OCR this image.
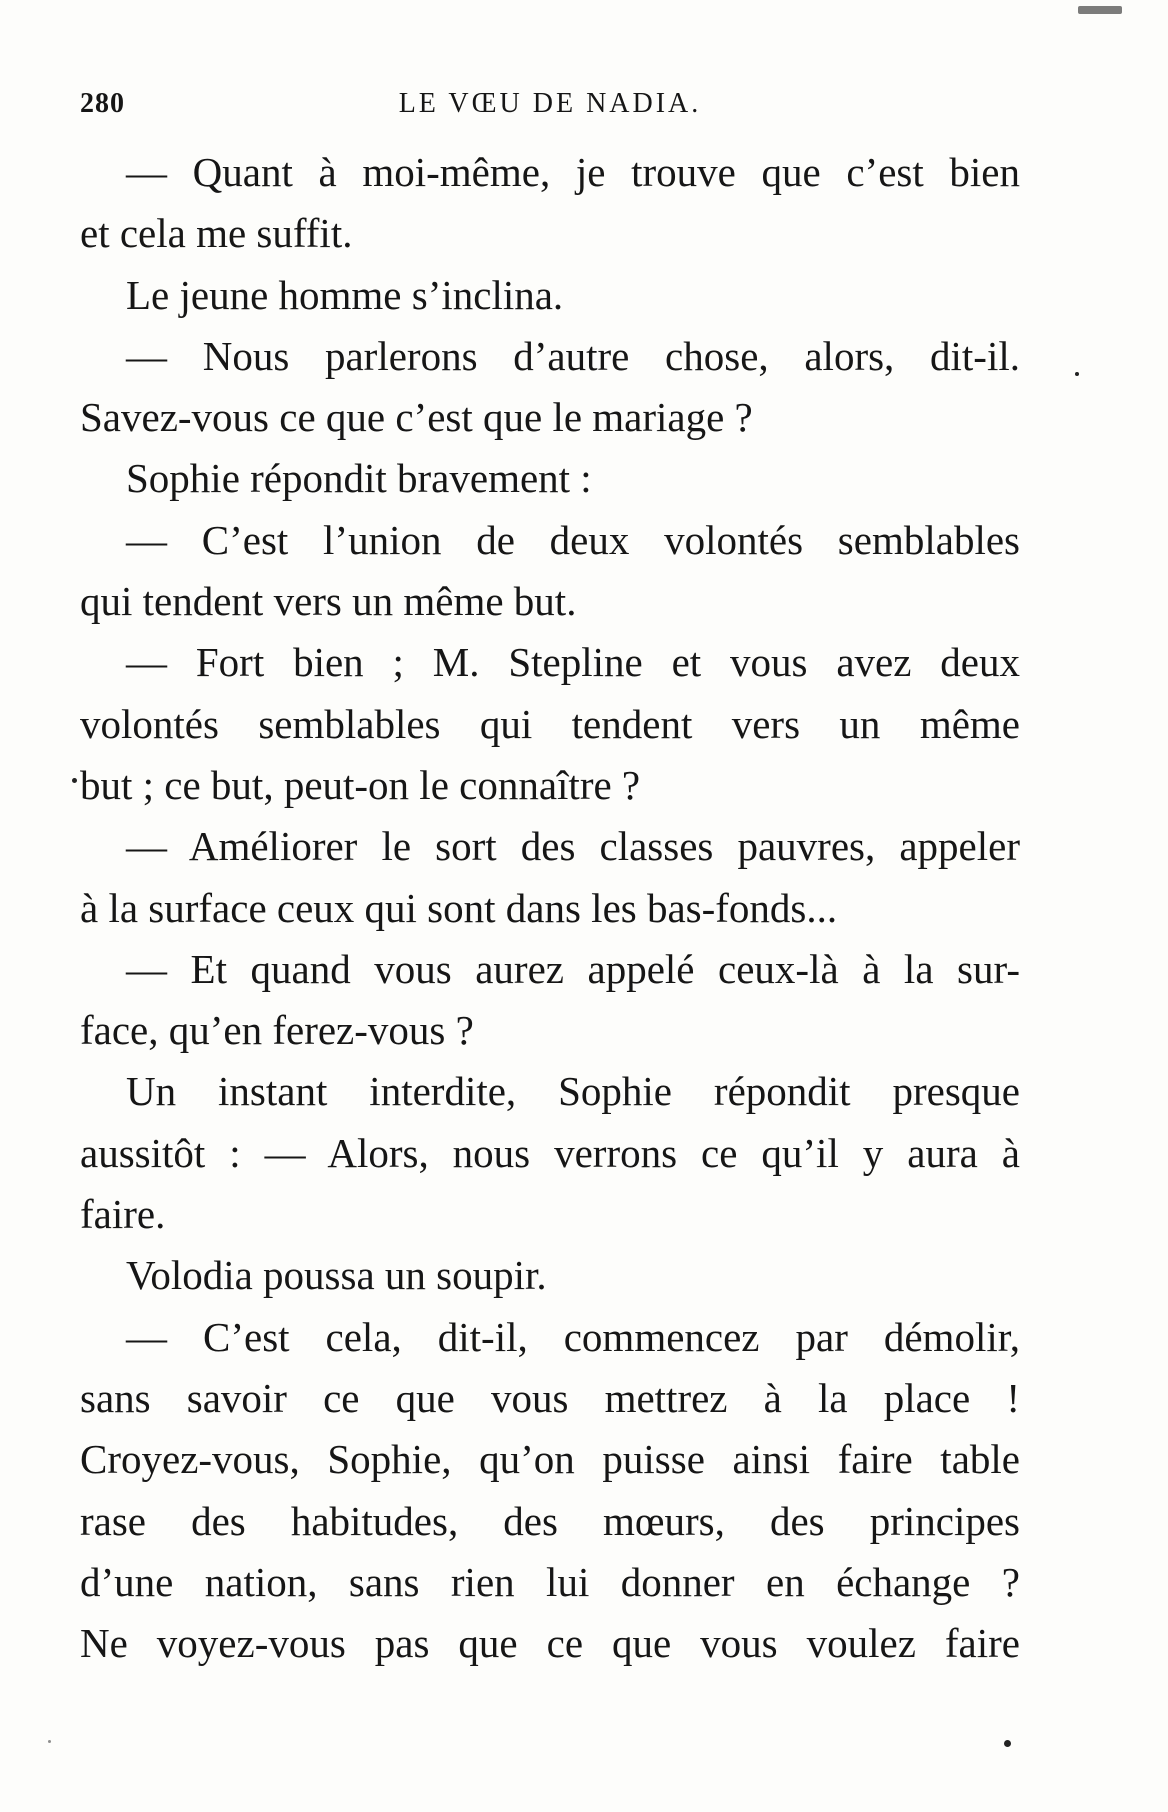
280	LE VŒU DE NADIA.
— Quant à moi-même, je trouve que c’est bien
et cela me suffit.
Le jeune homme s’inclina.
— Nous parlerons d’autre chose, alors, dit-il.
Savez-vous ce que c’est que le mariage ?
Sophie répondit bravement :
— C’est l’union de deux volontés semblables
qui tendent vers un même but.
— Fort bien ; M. Stepline et vous avez deux
volontés semblables qui tendent vers un même
but ; ce but, peut-on le connaître ?
— Améliorer le sort des classes pauvres, appeler
à la surface ceux qui sont dans les bas-fonds...
— Et quand vous aurez appelé ceux-là à la sur-
face, qu’en ferez-vous ?
Un instant interdite, Sophie répondit presque
aussitôt : — Alors, nous verrons ce qu’il y aura à
faire.
Volodia poussa un soupir.
— C’est cela, dit-il, commencez par démolir,
sans savoir ce que vous mettrez à la place !
Croyez-vous, Sophie, qu’on puisse ainsi faire table
rase des habitudes, des mœurs, des principes
d’une nation, sans rien lui donner en échange ?
Ne voyez-vous pas que ce que vous voulez faire
